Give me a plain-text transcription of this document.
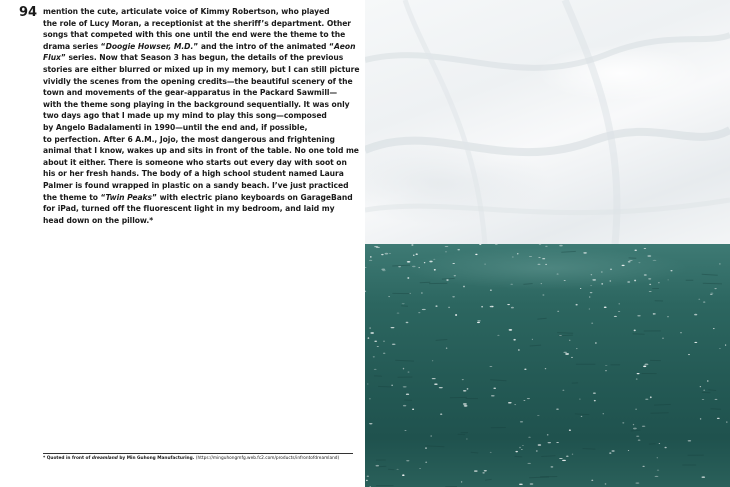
94 mention the cute, articulate voice of Kimmy Robertson, who played
the role of Lucy Moran, a receptionist at the sheriff’s department. Other
songs that competed with this one until the end were the theme to the
drama series “Doogie Howser, M.D.” and the intro of the animated “Aeon
Flux” series. Now that Season 3 has begun, the details of the previous
stories are either blurred or mixed up in my memory, but I can still picture
vividly the scenes from the opening credits—the beautiful scenery of the
town and movements of the gear-apparatus in the Packard Sawmill—
with the theme song playing in the background sequentially. It was only
two days ago that I made up my mind to play this song—composed
by Angelo Badalamenti in 1990—until the end and, if possible,
to perfection. After 6 A.M., Jojo, the most dangerous and frightening
animal that I know, wakes up and sits in front of the table. No one told me
about it either. There is someone who starts out every day with soot on
his or her fresh hands. The body of a high school student named Laura
Palmer is found wrapped in plastic on a sandy beach. I’ve just practiced
the theme to “Twin Peaks” with electric piano keyboards on GarageBand
for iPad, turned off the fluorescent light in my bedroom, and laid my
head down on the pillow.*

* Quoted in front of dreamland by Min Guhong Manufacturing. (https://minguhongmfg.web.fc2.com/products/infrontofdreamland)
